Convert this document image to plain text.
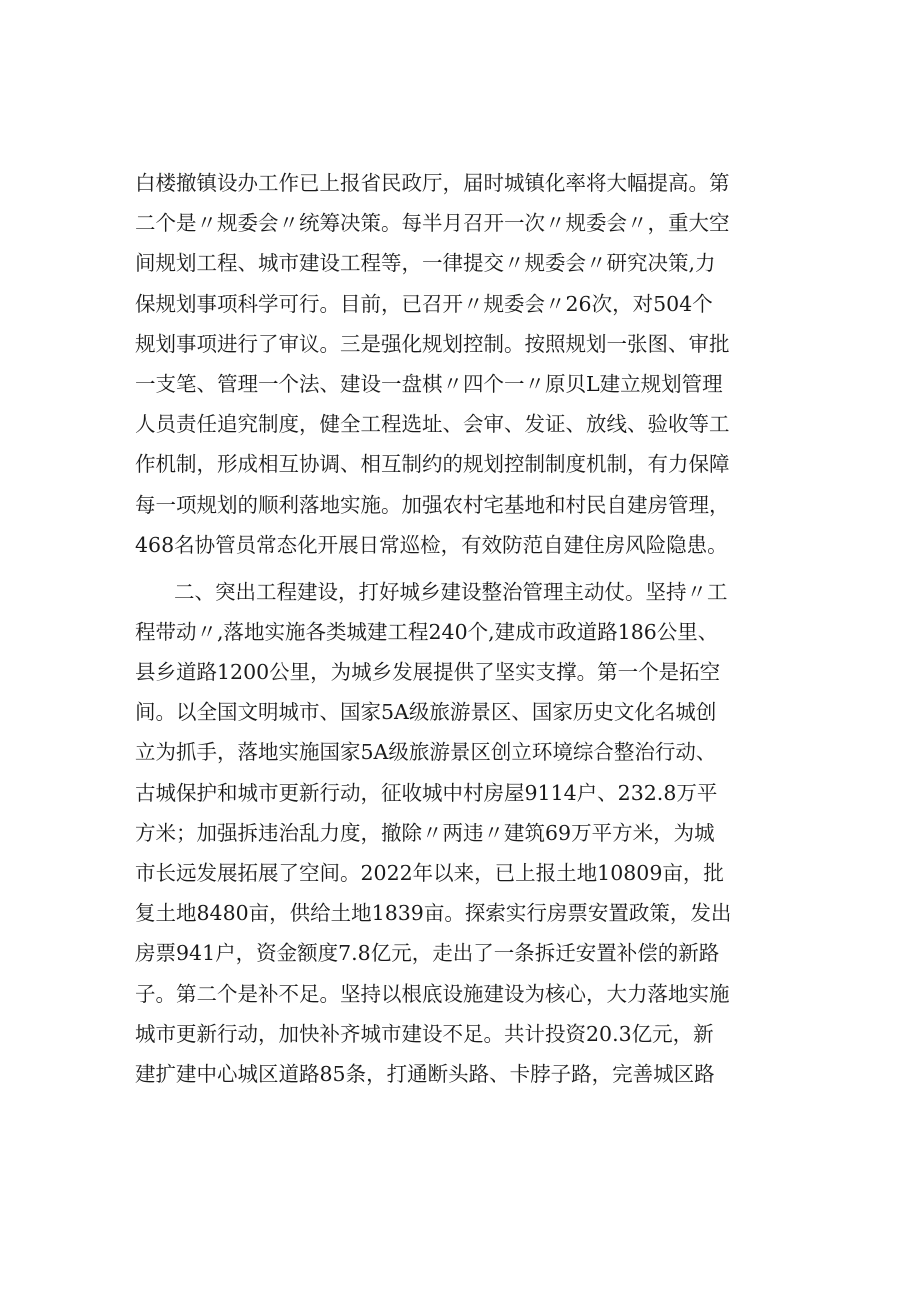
白楼撤镇设办工作已上报省民政厅，届时城镇化率将大幅提高。第
二个是〃规委会〃统筹决策。每半月召开一次〃规委会〃，重大空
间规划工程、城市建设工程等，一律提交〃规委会〃研究决策,力
保规划事项科学可行。目前，已召开〃规委会〃26次，对504个
规划事项进行了审议。三是强化规划控制。按照规划一张图、审批
一支笔、管理一个法、建设一盘棋〃四个一〃原贝L建立规划管理
人员责任追究制度，健全工程选址、会审、发证、放线、验收等工
作机制，形成相互协调、相互制约的规划控制制度机制，有力保障
每一项规划的顺利落地实施。加强农村宅基地和村民自建房管理，
468名协管员常态化开展日常巡检，有效防范自建住房风险隐患。
二、突出工程建设，打好城乡建设整治管理主动仗。坚持〃工
程带动〃,落地实施各类城建工程240个,建成市政道路186公里、
县乡道路1200公里，为城乡发展提供了坚实支撑。第一个是拓空
间。以全国文明城市、国家5A级旅游景区、国家历史文化名城创
立为抓手，落地实施国家5A级旅游景区创立环境综合整治行动、
古城保护和城市更新行动，征收城中村房屋9114户、232.8万平
方米；加强拆违治乱力度，撤除〃两违〃建筑69万平方米，为城
市长远发展拓展了空间。2022年以来，已上报土地10809亩，批
复土地8480亩，供给土地1839亩。探索实行房票安置政策，发出
房票941户，资金额度7.8亿元，走出了一条拆迁安置补偿的新路
子。第二个是补不足。坚持以根底设施建设为核心，大力落地实施
城市更新行动，加快补齐城市建设不足。共计投资20.3亿元，新
建扩建中心城区道路85条，打通断头路、卡脖子路，完善城区路
